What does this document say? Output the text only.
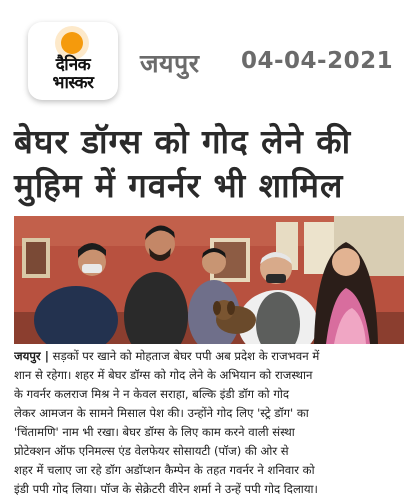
दैनिक
भास्कर
जयपुर 04-04-2021
बेघर डॉग्स को गोद लेने की
मुहिम में गवर्नर भी शामिल
जयपुर | सड़कों पर खाने को मोहताज बेघर पपी अब प्रदेश के राजभवन में
शान से रहेगा। शहर में बेघर डॉग्स को गोद लेने के अभियान को राजस्थान
के गवर्नर कलराज मिश्र ने न केवल सराहा, बल्कि इंडी डॉग को गोद
लेकर आमजन के सामने मिसाल पेश की। उन्होंने गोद लिए 'स्ट्रे डॉग' का
'चिंतामणि' नाम भी रखा। बेघर डॉग्स के लिए काम करने वाली संस्था
प्रोटेक्शन ऑफ एनिमल्स एंड वेलफेयर सोसायटी (पॉज) की ओर से
शहर में चलाए जा रहे डॉग अडॉप्शन कैम्पेन के तहत गवर्नर ने शनिवार को
इंडी पपी गोद लिया। पॉज के सेक्रेटरी वीरेन शर्मा ने उन्हें पपी गोद दिलाया।
